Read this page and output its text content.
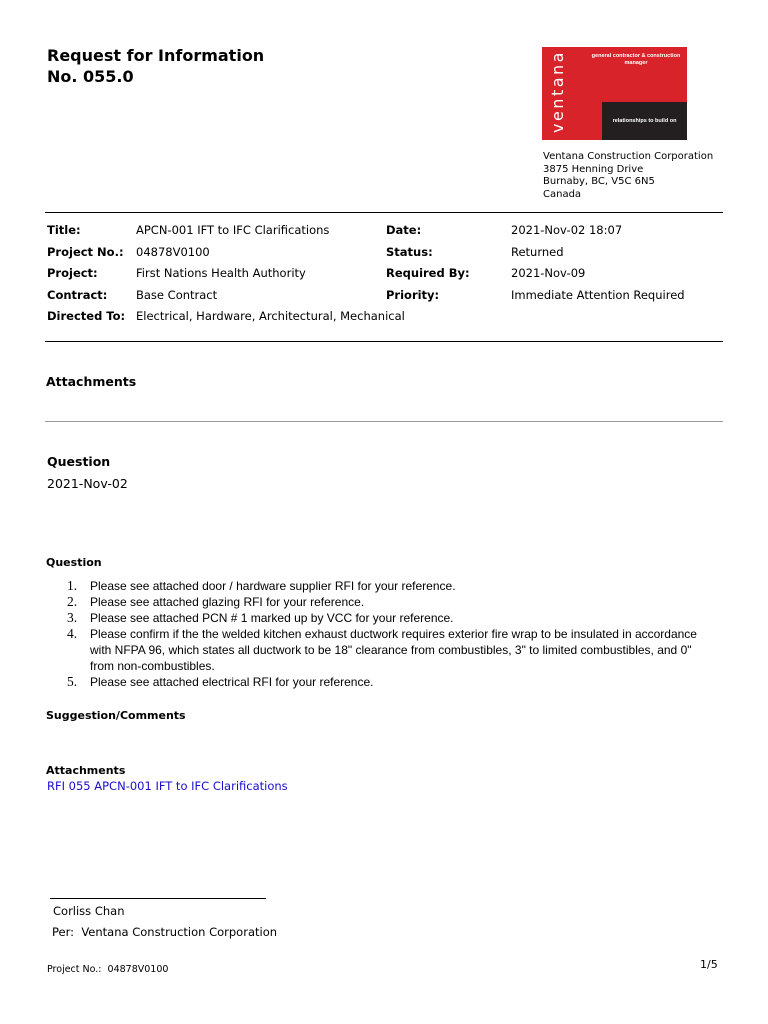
Request for Information
No. 055.0	ventana	general contractor & construction manager
relationships to build on
Ventana Construction Corporation
3875 Henning Drive
Burnaby, BC, V5C 6N5
Canada
Title:	APCN-001 IFT to IFC Clarifications	Date:	2021-Nov-02 18:07
Project No.: 04878V0100	Status:	Returned
Project:	First Nations Health Authority	Required By:	2021-Nov-09
Contract: Base Contract	Priority:	Immediate Attention Required
Directed To: Electrical, Hardware, Architectural, Mechanical
Attachments
Question
2021-Nov-02
Question
1. Please see attached door / hardware supplier RFI for your reference.
2. Please see attached glazing RFI for your reference.
3. Please see attached PCN # 1 marked up by VCC for your reference.
4. Please confirm if the the welded kitchen exhaust ductwork requires exterior fire wrap to be insulated in accordance with NFPA 96, which states all ductwork to be 18" clearance from combustibles, 3" to limited combustibles, and 0" from non-combustibles.
5. Please see attached electrical RFI for your reference.
Suggestion/Comments
Attachments
RFI 055 APCN-001 IFT to IFC Clarifications
Corliss Chan
Per: Ventana Construction Corporation
Project No.: 04878V0100	1/5
